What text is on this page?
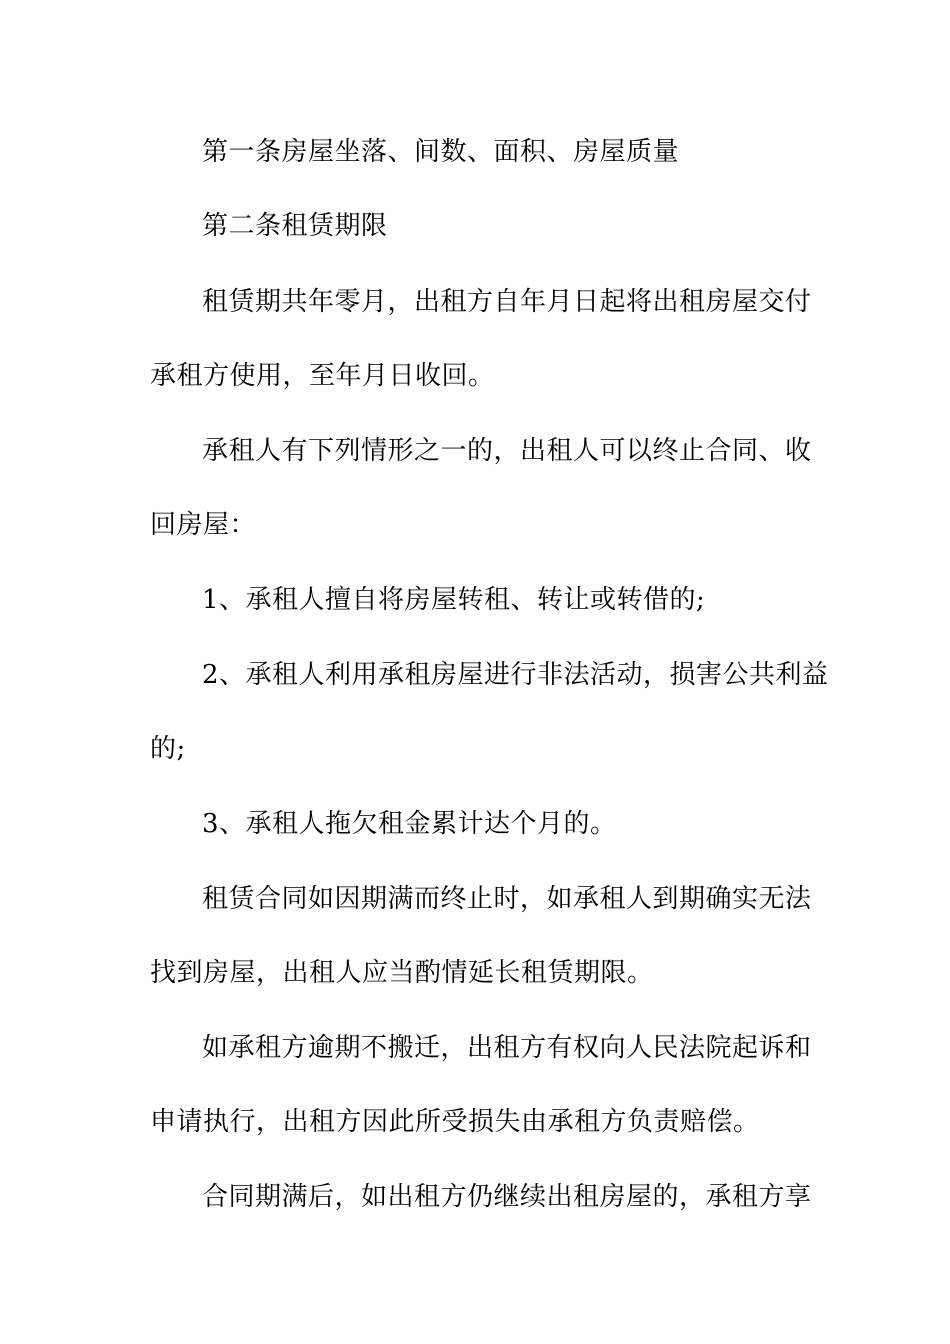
第一条房屋坐落、间数、面积、房屋质量
第二条租赁期限
租赁期共年零月，出租方自年月日起将出租房屋交付
承租方使用，至年月日收回。
承租人有下列情形之一的，出租人可以终止合同、收
回房屋：
1、承租人擅自将房屋转租、转让或转借的;
2、承租人利用承租房屋进行非法活动，损害公共利益
的;
3、承租人拖欠租金累计达个月的。
租赁合同如因期满而终止时，如承租人到期确实无法
找到房屋，出租人应当酌情延长租赁期限。
如承租方逾期不搬迁，出租方有权向人民法院起诉和
申请执行，出租方因此所受损失由承租方负责赔偿。
合同期满后，如出租方仍继续出租房屋的，承租方享
